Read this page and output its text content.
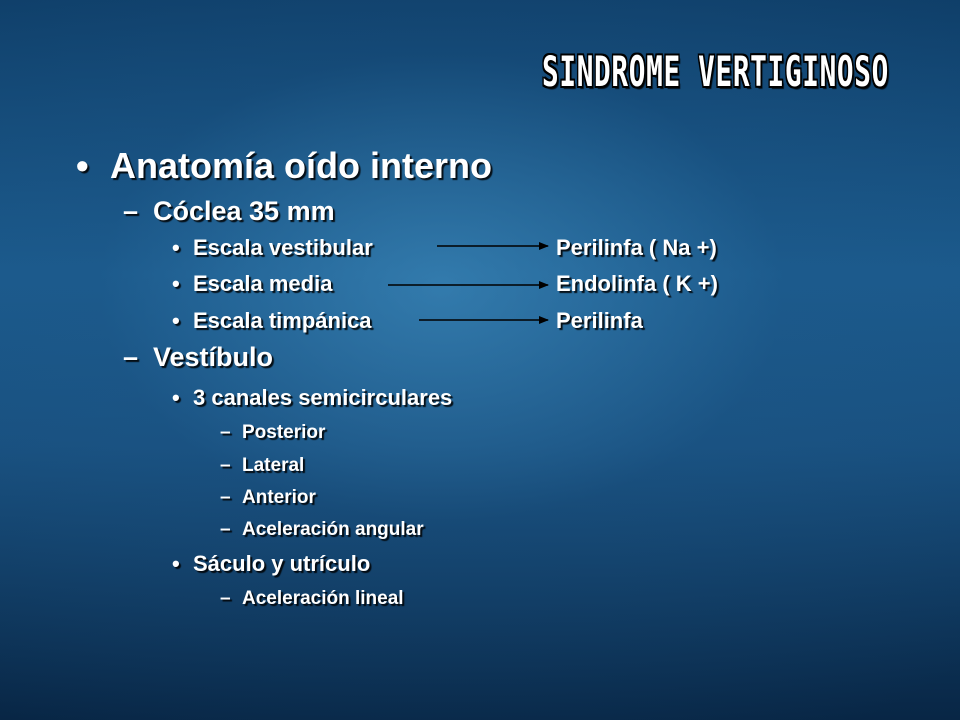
SINDROME VERTIGINOSO
• Anatomía oído interno
– Cóclea 35 mm
• Escala vestibular	Perilinfa ( Na +)
• Escala media	Endolinfa ( K +)
• Escala timpánica	Perilinfa
– Vestíbulo
• 3 canales semicirculares
– Posterior
– Lateral
– Anterior
– Aceleración angular
• Sáculo y utrículo
– Aceleración lineal
